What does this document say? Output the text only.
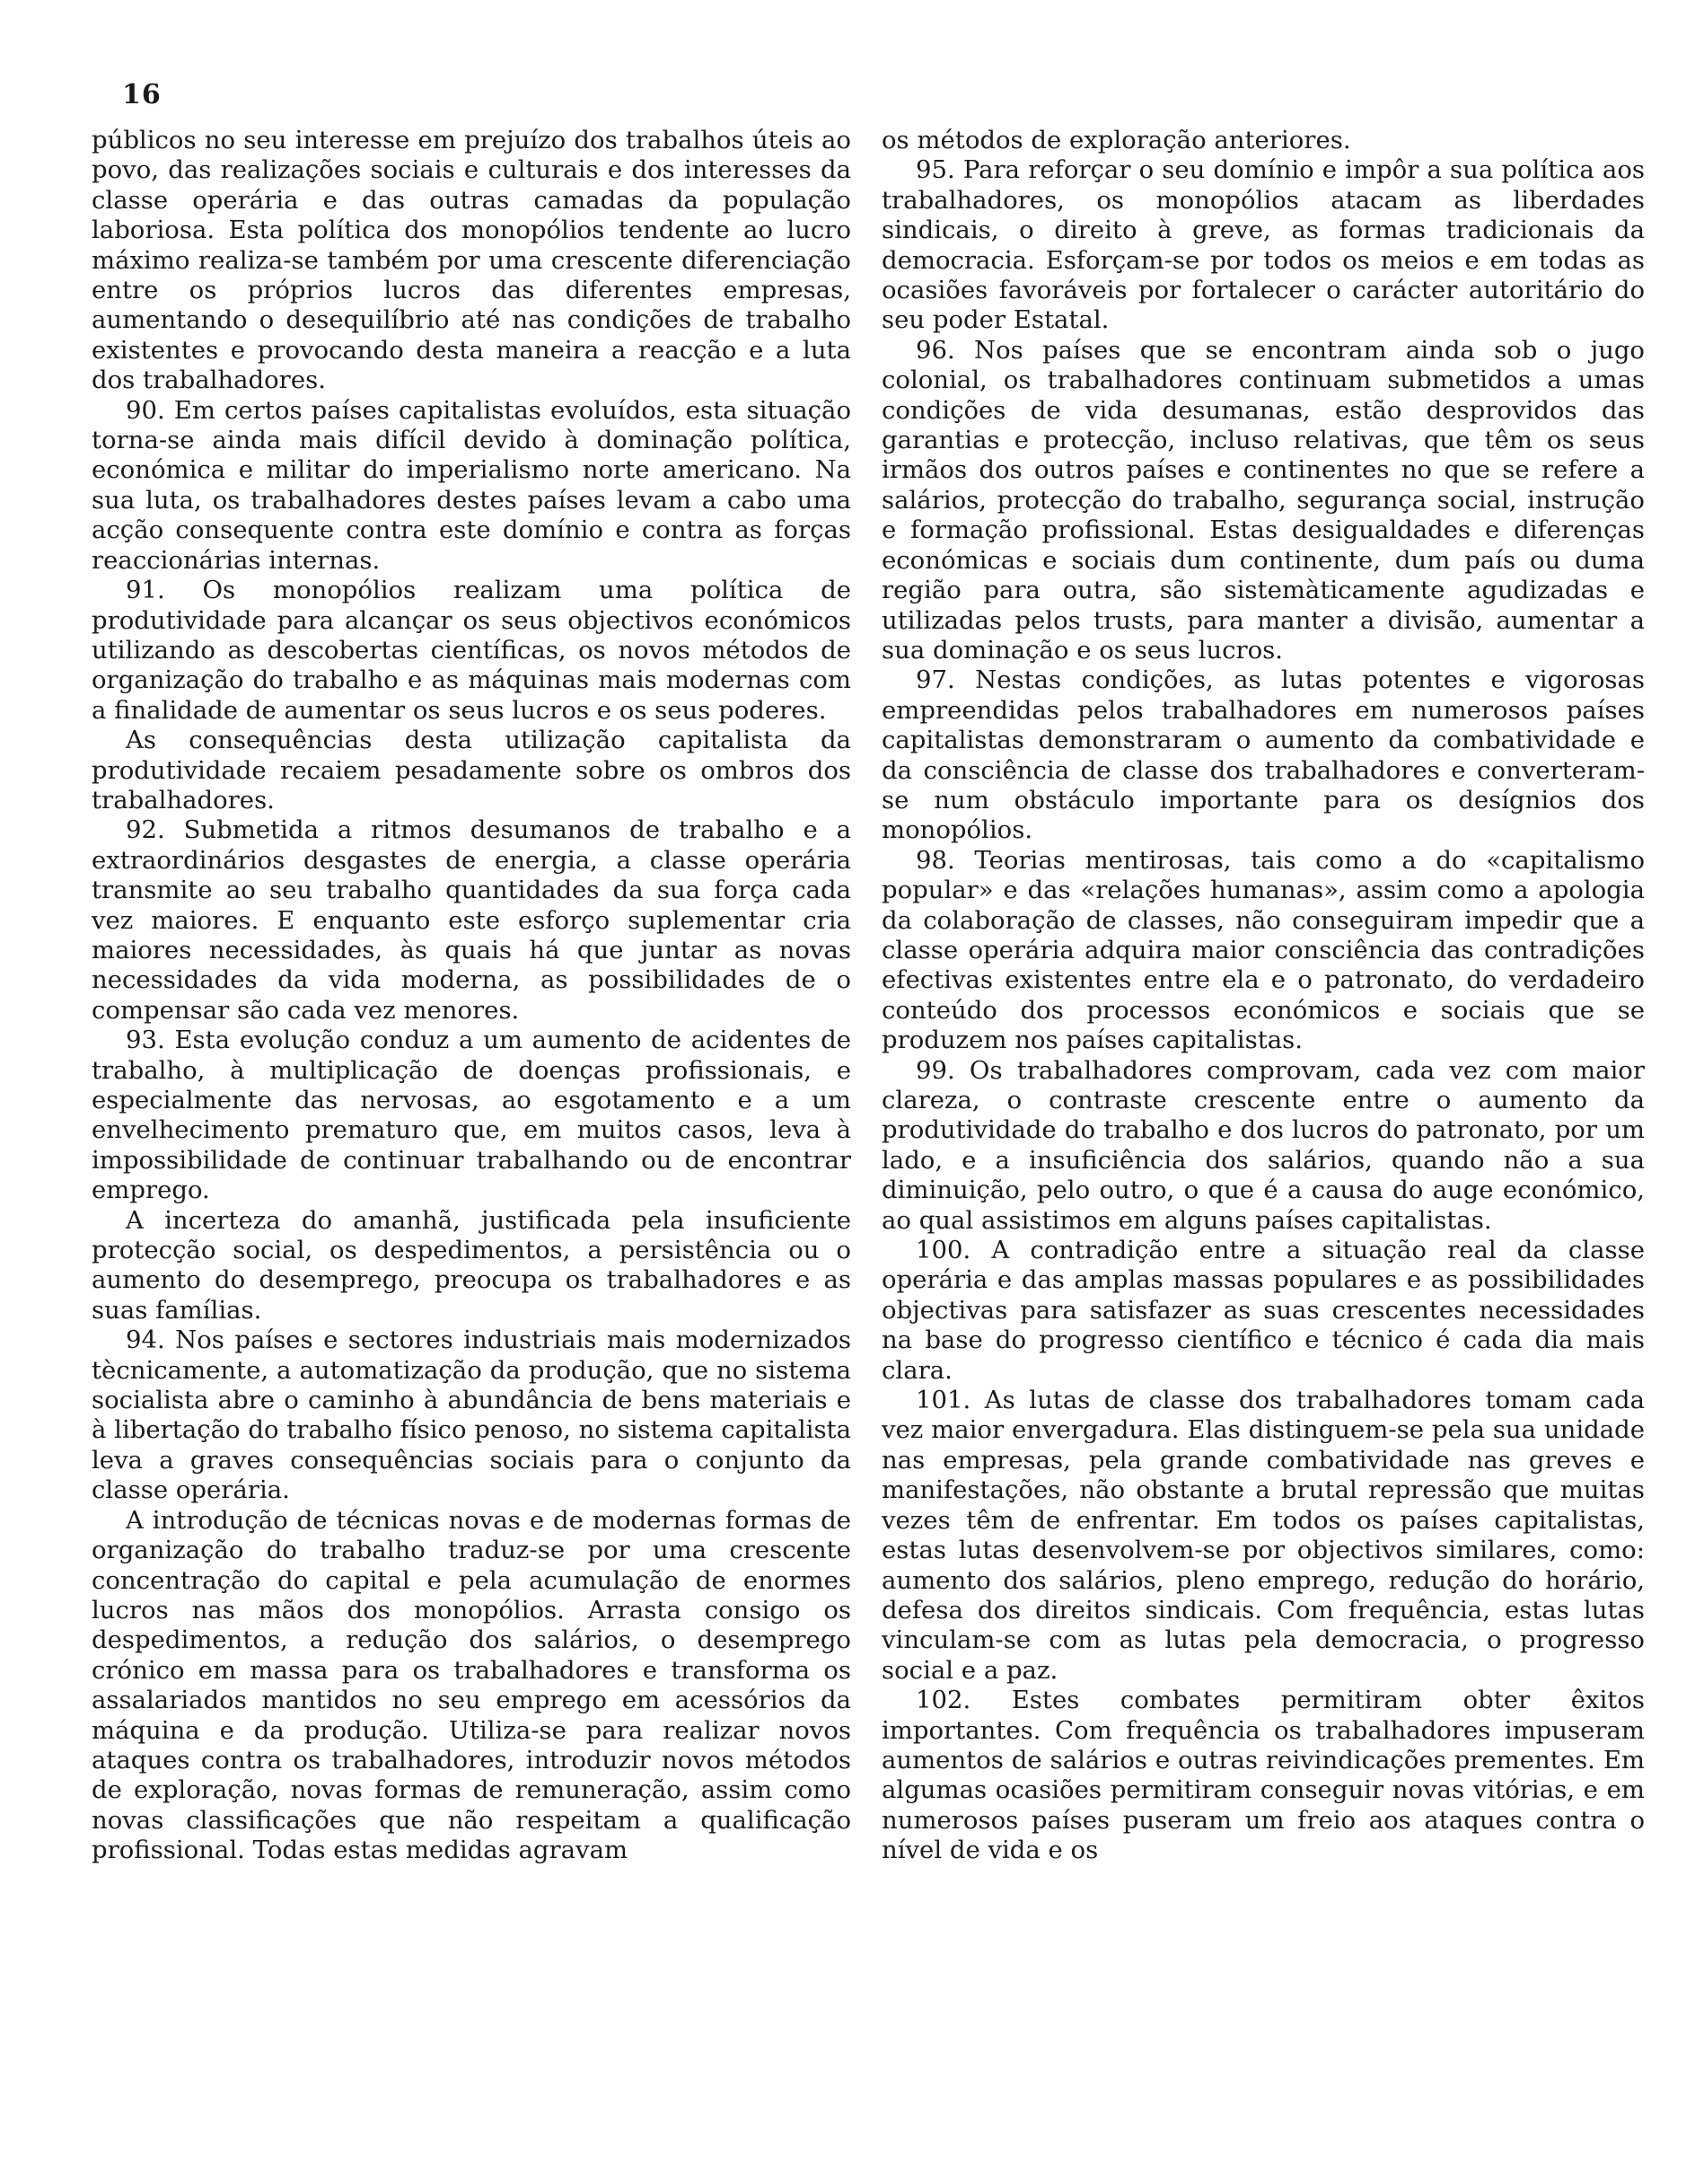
16

públicos no seu interesse em prejuízo dos trabalhos úteis ao povo, das realizações sociais e culturais e dos interesses da classe operária e das outras camadas da população laboriosa. Esta política dos monopólios tendente ao lucro máximo realiza-se também por uma crescente diferenciação entre os próprios lucros das diferentes empresas, aumentando o desequilíbrio até nas condições de trabalho existentes e provocando desta maneira a reacção e a luta dos trabalhadores.

90. Em certos países capitalistas evoluídos, esta situação torna-se ainda mais difícil devido à dominação política, económica e militar do imperialismo norte americano. Na sua luta, os trabalhadores destes países levam a cabo uma acção consequente contra este domínio e contra as forças reaccionárias internas.

91. Os monopólios realizam uma política de produtividade para alcançar os seus objectivos económicos utilizando as descobertas científicas, os novos métodos de organização do trabalho e as máquinas mais modernas com a finalidade de aumentar os seus lucros e os seus poderes.

As consequências desta utilização capitalista da produtividade recaiem pesadamente sobre os ombros dos trabalhadores.

92. Submetida a ritmos desumanos de trabalho e a extraordinários desgastes de energia, a classe operária transmite ao seu trabalho quantidades da sua força cada vez maiores. E enquanto este esforço suplementar cria maiores necessidades, às quais há que juntar as novas necessidades da vida moderna, as possibilidades de o compensar são cada vez menores.

93. Esta evolução conduz a um aumento de acidentes de trabalho, à multiplicação de doenças profissionais, e especialmente das nervosas, ao esgotamento e a um envelhecimento prematuro que, em muitos casos, leva à impossibilidade de continuar trabalhando ou de encontrar emprego.

A incerteza do amanhã, justificada pela insuficiente protecção social, os despedimentos, a persistência ou o aumento do desemprego, preocupa os trabalhadores e as suas famílias.

94. Nos países e sectores industriais mais modernizados tècnicamente, a automatização da produção, que no sistema socialista abre o caminho à abundância de bens materiais e à libertação do trabalho físico penoso, no sistema capitalista leva a graves consequências sociais para o conjunto da classe operária.

A introdução de técnicas novas e de modernas formas de organização do trabalho traduz-se por uma crescente concentração do capital e pela acumulação de enormes lucros nas mãos dos monopólios. Arrasta consigo os despedimentos, a redução dos salários, o desemprego crónico em massa para os trabalhadores e transforma os assalariados mantidos no seu emprego em acessórios da máquina e da produção. Utiliza-se para realizar novos ataques contra os trabalhadores, introduzir novos métodos de exploração, novas formas de remuneração, assim como novas classificações que não respeitam a qualificação profissional. Todas estas medidas agravam

os métodos de exploração anteriores.

95. Para reforçar o seu domínio e impôr a sua política aos trabalhadores, os monopólios atacam as liberdades sindicais, o direito à greve, as formas tradicionais da democracia. Esforçam-se por todos os meios e em todas as ocasiões favoráveis por fortalecer o carácter autoritário do seu poder Estatal.

96. Nos países que se encontram ainda sob o jugo colonial, os trabalhadores continuam submetidos a umas condições de vida desumanas, estão desprovidos das garantias e protecção, incluso relativas, que têm os seus irmãos dos outros países e continentes no que se refere a salários, protecção do trabalho, segurança social, instrução e formação profissional. Estas desigualdades e diferenças económicas e sociais dum continente, dum país ou duma região para outra, são sistemàticamente agudizadas e utilizadas pelos trusts, para manter a divisão, aumentar a sua dominação e os seus lucros.

97. Nestas condições, as lutas potentes e vigorosas empreendidas pelos trabalhadores em numerosos países capitalistas demonstraram o aumento da combatividade e da consciência de classe dos trabalhadores e converteram-se num obstáculo importante para os desígnios dos monopólios.

98. Teorias mentirosas, tais como a do «capitalismo popular» e das «relações humanas», assim como a apologia da colaboração de classes, não conseguiram impedir que a classe operária adquira maior consciência das contradições efectivas existentes entre ela e o patronato, do verdadeiro conteúdo dos processos económicos e sociais que se produzem nos países capitalistas.

99. Os trabalhadores comprovam, cada vez com maior clareza, o contraste crescente entre o aumento da produtividade do trabalho e dos lucros do patronato, por um lado, e a insuficiência dos salários, quando não a sua diminuição, pelo outro, o que é a causa do auge económico, ao qual assistimos em alguns países capitalistas.

100. A contradição entre a situação real da classe operária e das amplas massas populares e as possibilidades objectivas para satisfazer as suas crescentes necessidades na base do progresso científico e técnico é cada dia mais clara.

101. As lutas de classe dos trabalhadores tomam cada vez maior envergadura. Elas distinguem-se pela sua unidade nas empresas, pela grande combatividade nas greves e manifestações, não obstante a brutal repressão que muitas vezes têm de enfrentar. Em todos os países capitalistas, estas lutas desenvolvem-se por objectivos similares, como: aumento dos salários, pleno emprego, redução do horário, defesa dos direitos sindicais. Com frequência, estas lutas vinculam-se com as lutas pela democracia, o progresso social e a paz.

102. Estes combates permitiram obter êxitos importantes. Com frequência os trabalhadores impuseram aumentos de salários e outras reivindicações prementes. Em algumas ocasiões permitiram conseguir novas vitórias, e em numerosos países puseram um freio aos ataques contra o nível de vida e os
